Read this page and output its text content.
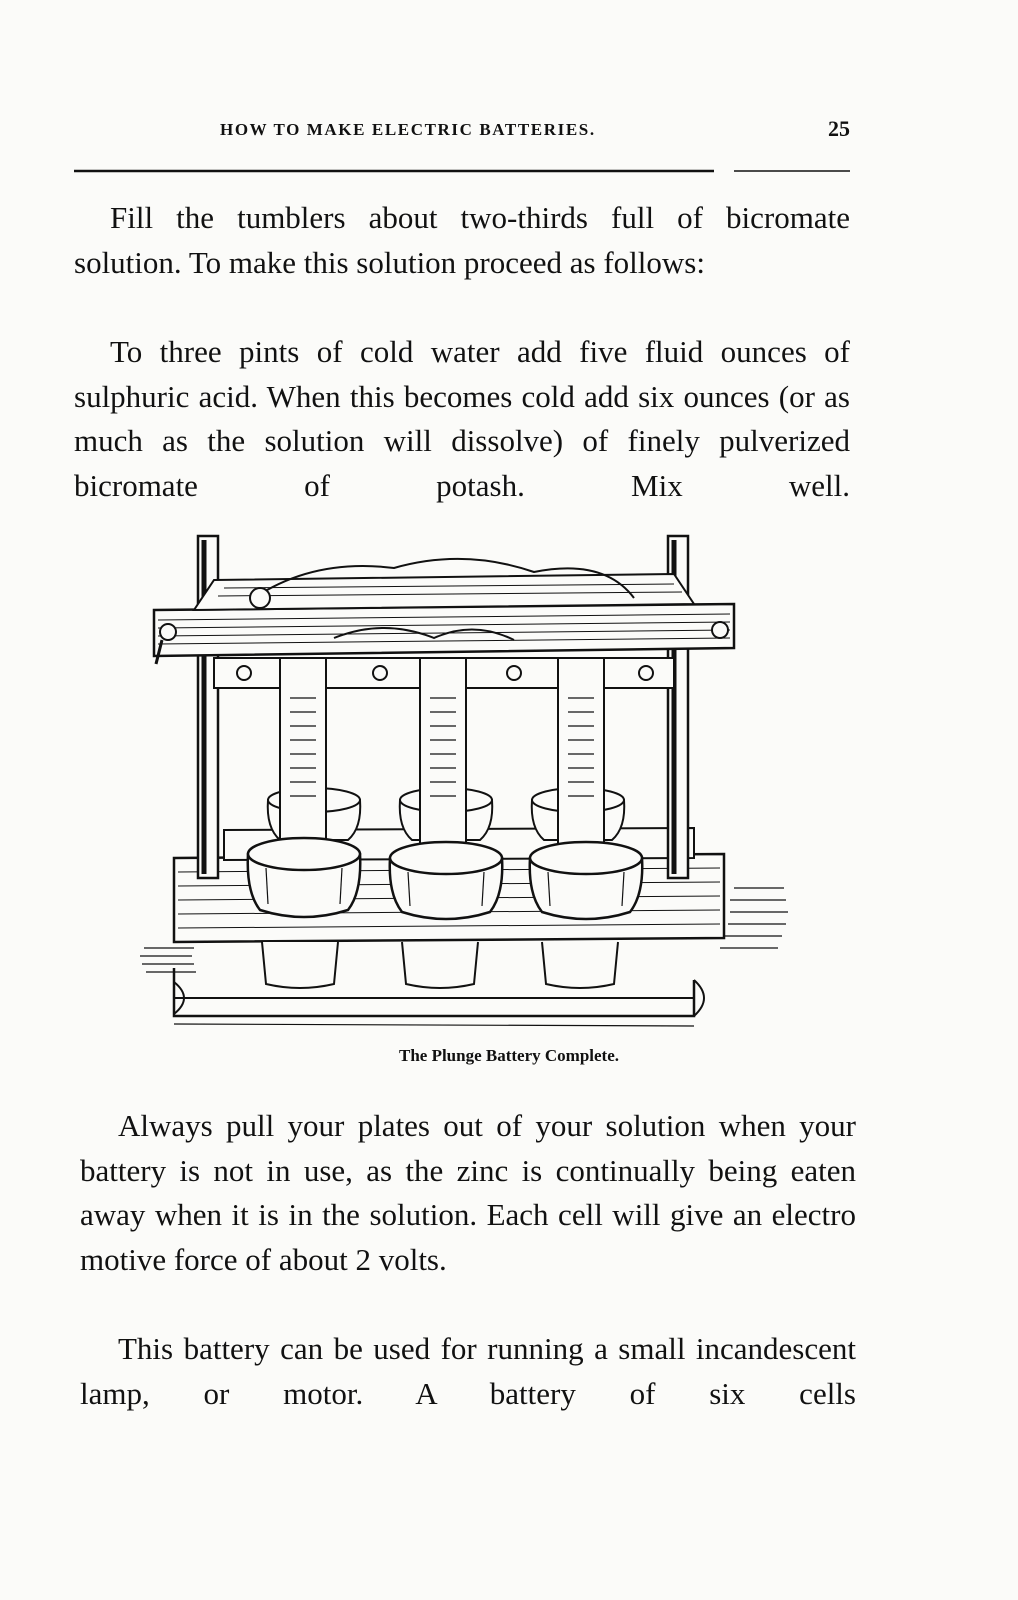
HOW TO MAKE ELECTRIC BATTERIES.	25

Fill the tumblers about two-thirds full of bicromate solution. To make this solution proceed as follows:

To three pints of cold water add five fluid ounces of sulphuric acid. When this becomes cold add six ounces (or as much as the solution will dissolve) of finely pulverized bicromate of potash. Mix well.

The Plunge Battery Complete.

Always pull your plates out of your solution when your battery is not in use, as the zinc is continually being eaten away when it is in the solution. Each cell will give an electro motive force of about 2 volts.

This battery can be used for running a small incandescent lamp, or motor. A battery of six cells
